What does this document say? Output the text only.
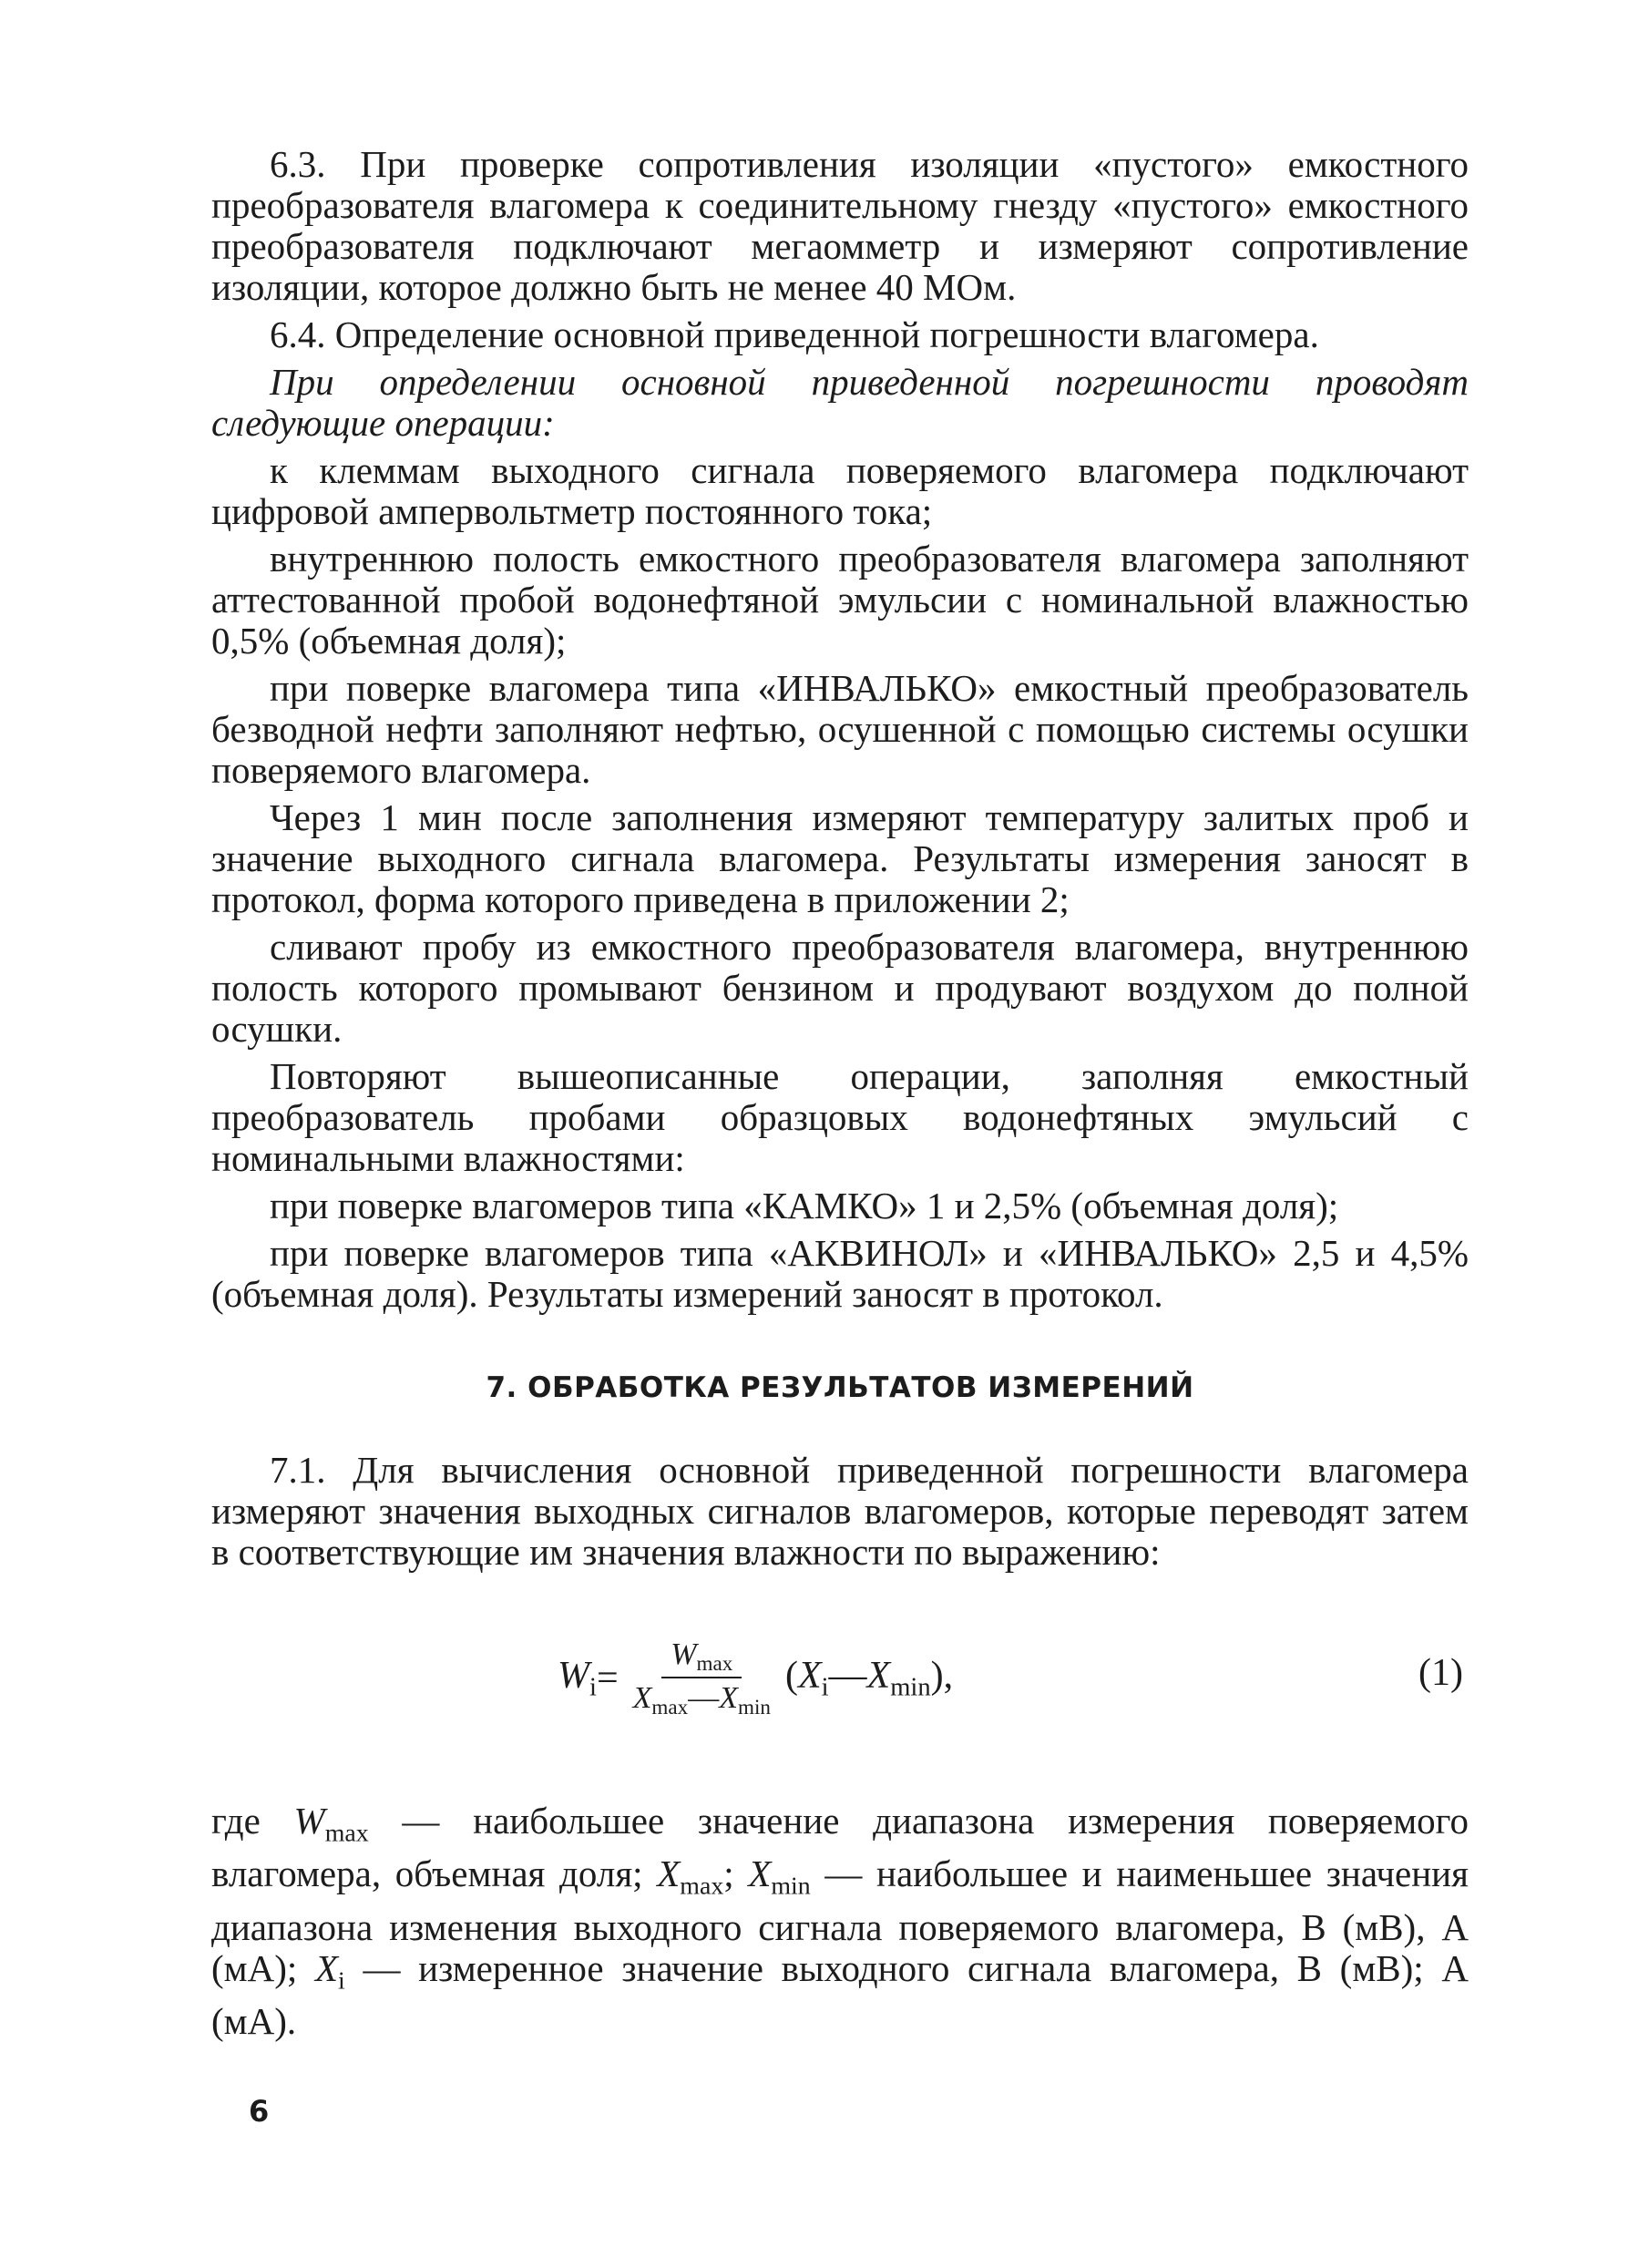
6.3. При проверке сопротивления изоляции «пустого» емкостного преобразователя влагомера к соединительному гнезду «пустого» емкостного преобразователя подключают мегаомметр и измеряют сопротивление изоляции, которое должно быть не менее 40 МОм.

6.4. Определение основной приведенной погрешности влагомера.

При определении основной приведенной погрешности проводят следующие операции:

к клеммам выходного сигнала поверяемого влагомера подключают цифровой ампервольтметр постоянного тока;

внутреннюю полость емкостного преобразователя влагомера заполняют аттестованной пробой водонефтяной эмульсии с номинальной влажностью 0,5% (объемная доля);

при поверке влагомера типа «ИНВАЛЬКО» емкостный преобразователь безводной нефти заполняют нефтью, осушенной с помощью системы осушки поверяемого влагомера.

Через 1 мин после заполнения измеряют температуру залитых проб и значение выходного сигнала влагомера. Результаты измерения заносят в протокол, форма которого приведена в приложении 2;

сливают пробу из емкостного преобразователя влагомера, внутреннюю полость которого промывают бензином и продувают воздухом до полной осушки.

Повторяют вышеописанные операции, заполняя емкостный преобразователь пробами образцовых водонефтяных эмульсий с номинальными влажностями:

при поверке влагомеров типа «КАМКО» 1 и 2,5% (объемная доля);

при поверке влагомеров типа «АКВИНОЛ» и «ИНВАЛЬКО» 2,5 и 4,5% (объемная доля). Результаты измерений заносят в протокол.

7. ОБРАБОТКА РЕЗУЛЬТАТОВ ИЗМЕРЕНИЙ

7.1. Для вычисления основной приведенной погрешности влагомера измеряют значения выходных сигналов влагомеров, которые переводят затем в соответствующие им значения влажности по выражению:

$W_i = \frac{W_{max}}{X_{max}—X_{min}}$ $(X_i—X_{min})$,	(1)

где $W_{max}$ — наибольшее значение диапазона измерения поверяемого влагомера, объемная доля; $X_{max}$; $X_{min}$ — наибольшее и наименьшее значения диапазона изменения выходного сигнала поверяемого влагомера, В (мВ), А (мА); $X_i$ — измеренное значение выходного сигнала влагомера, В (мВ); А (мА).

6
